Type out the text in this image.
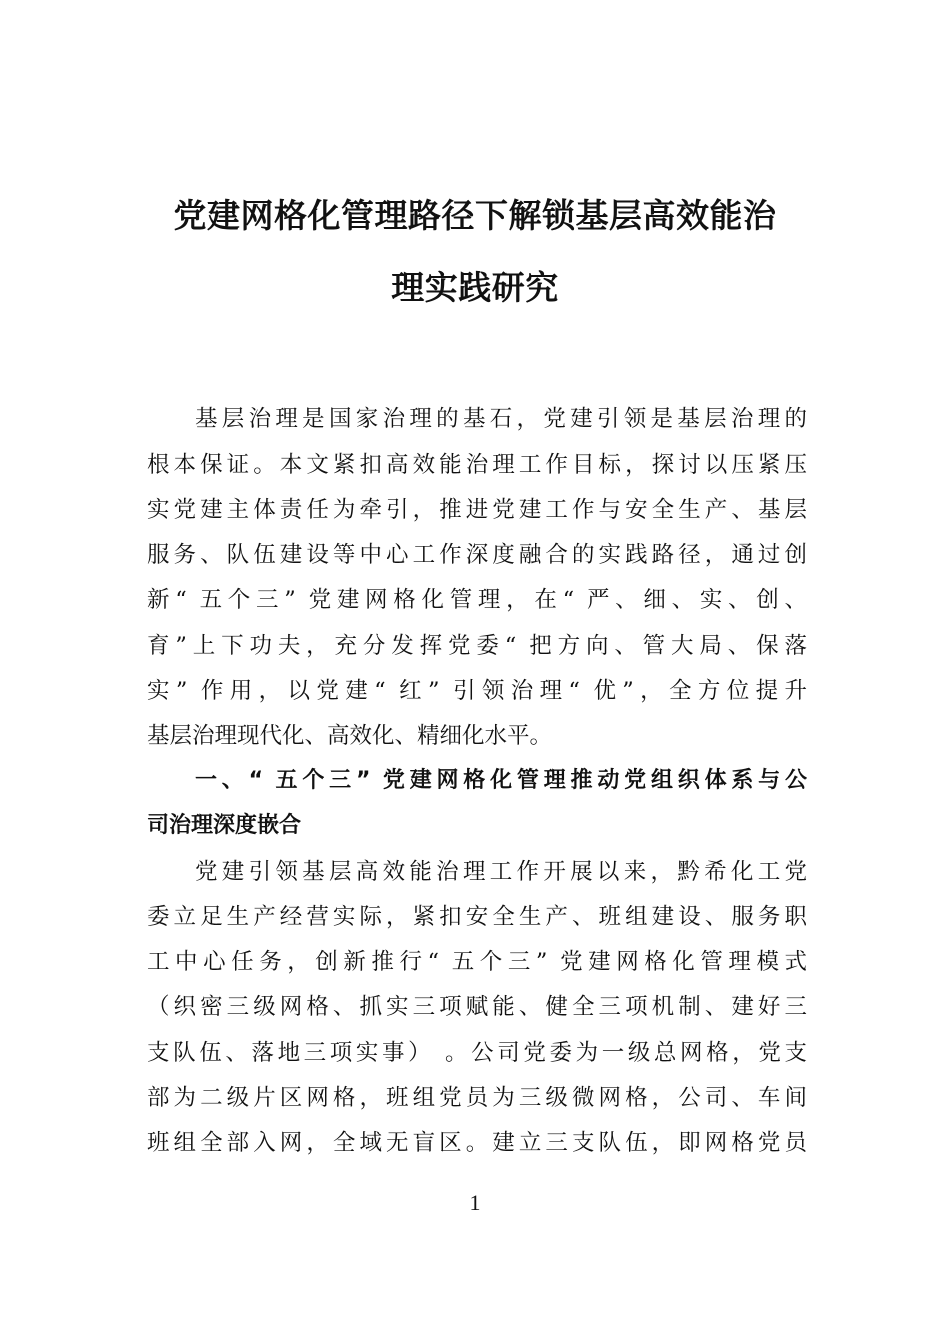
党建网格化管理路径下解锁基层高效能治
理实践研究
基层治理是国家治理的基石，党建引领是基层治理的
根本保证。本文紧扣高效能治理工作目标，探讨以压紧压
实党建主体责任为牵引，推进党建工作与安全生产、基层
服务、队伍建设等中心工作深度融合的实践路径，通过创
新“ 五个三” 党建网格化管理，在“ 严、细、实、创、
育”上下功夫，充分发挥党委“ 把方向、管大局、保落
实” 作用，以党建“ 红” 引领治理“ 优”，全方位提升
基层治理现代化、高效化、精细化水平。
一、“ 五个三” 党建网格化管理推动党组织体系与公
司治理深度嵌合
党建引领基层高效能治理工作开展以来，黔希化工党
委立足生产经营实际，紧扣安全生产、班组建设、服务职
工中心任务，创新推行“ 五个三” 党建网格化管理模式
（织密三级网格、抓实三项赋能、健全三项机制、建好三
支队伍、落地三项实事） 。公司党委为一级总网格，党支
部为二级片区网格，班组党员为三级微网格，公司、车间
班组全部入网，全域无盲区。建立三支队伍，即网格党员
1
